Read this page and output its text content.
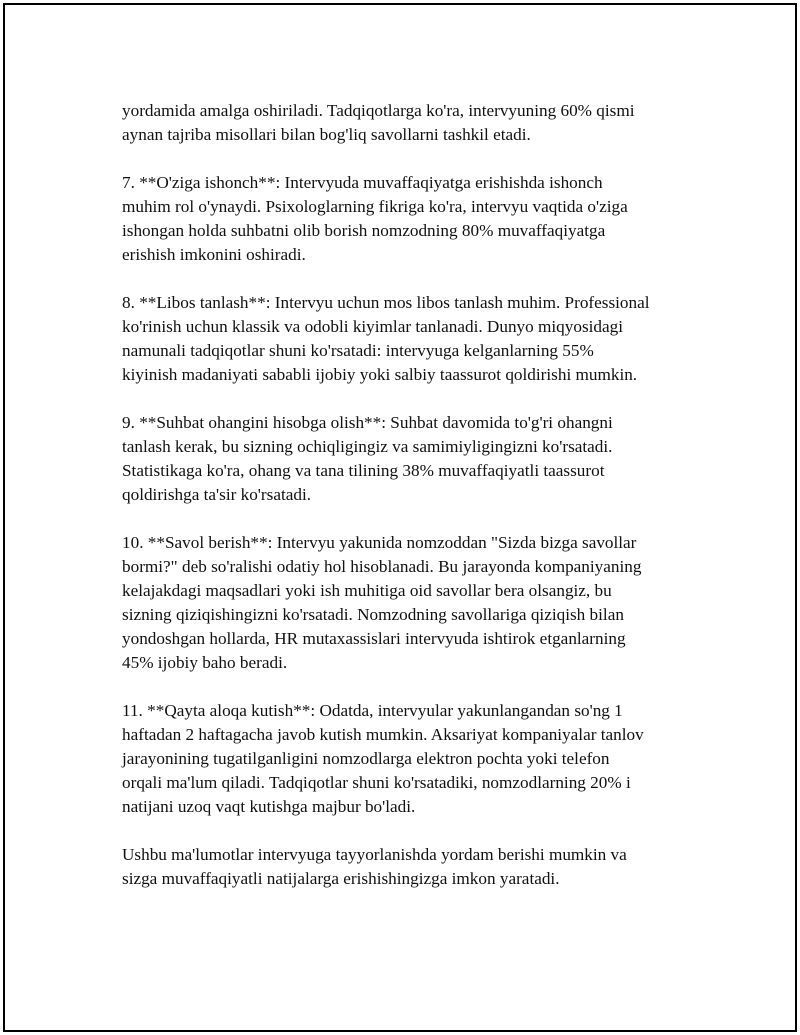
yordamida amalga oshiriladi. Tadqiqotlarga ko'ra, intervyuning 60% qismi
aynan tajriba misollari bilan bog'liq savollarni tashkil etadi.

7. **O'ziga ishonch**: Intervyuda muvaffaqiyatga erishishda ishonch
muhim rol o'ynaydi. Psixologlarning fikriga ko'ra, intervyu vaqtida o'ziga
ishongan holda suhbatni olib borish nomzodning 80% muvaffaqiyatga
erishish imkonini oshiradi.

8. **Libos tanlash**: Intervyu uchun mos libos tanlash muhim. Professional
ko'rinish uchun klassik va odobli kiyimlar tanlanadi. Dunyo miqyosidagi
namunali tadqiqotlar shuni ko'rsatadi: intervyuga kelganlarning 55%
kiyinish madaniyati sababli ijobiy yoki salbiy taassurot qoldirishi mumkin.

9. **Suhbat ohangini hisobga olish**: Suhbat davomida to'g'ri ohangni
tanlash kerak, bu sizning ochiqligingiz va samimiyligingizni ko'rsatadi.
Statistikaga ko'ra, ohang va tana tilining 38% muvaffaqiyatli taassurot
qoldirishga ta'sir ko'rsatadi.

10. **Savol berish**: Intervyu yakunida nomzoddan "Sizda bizga savollar
bormi?" deb so'ralishi odatiy hol hisoblanadi. Bu jarayonda kompaniyaning
kelajakdagi maqsadlari yoki ish muhitiga oid savollar bera olsangiz, bu
sizning qiziqishingizni ko'rsatadi. Nomzodning savollariga qiziqish bilan
yondoshgan hollarda, HR mutaxassislari intervyuda ishtirok etganlarning
45% ijobiy baho beradi.

11. **Qayta aloqa kutish**: Odatda, intervyular yakunlangandan so'ng 1
haftadan 2 haftagacha javob kutish mumkin. Aksariyat kompaniyalar tanlov
jarayonining tugatilganligini nomzodlarga elektron pochta yoki telefon
orqali ma'lum qiladi. Tadqiqotlar shuni ko'rsatadiki, nomzodlarning 20% i
natijani uzoq vaqt kutishga majbur bo'ladi.

Ushbu ma'lumotlar intervyuga tayyorlanishda yordam berishi mumkin va
sizga muvaffaqiyatli natijalarga erishishingizga imkon yaratadi.
